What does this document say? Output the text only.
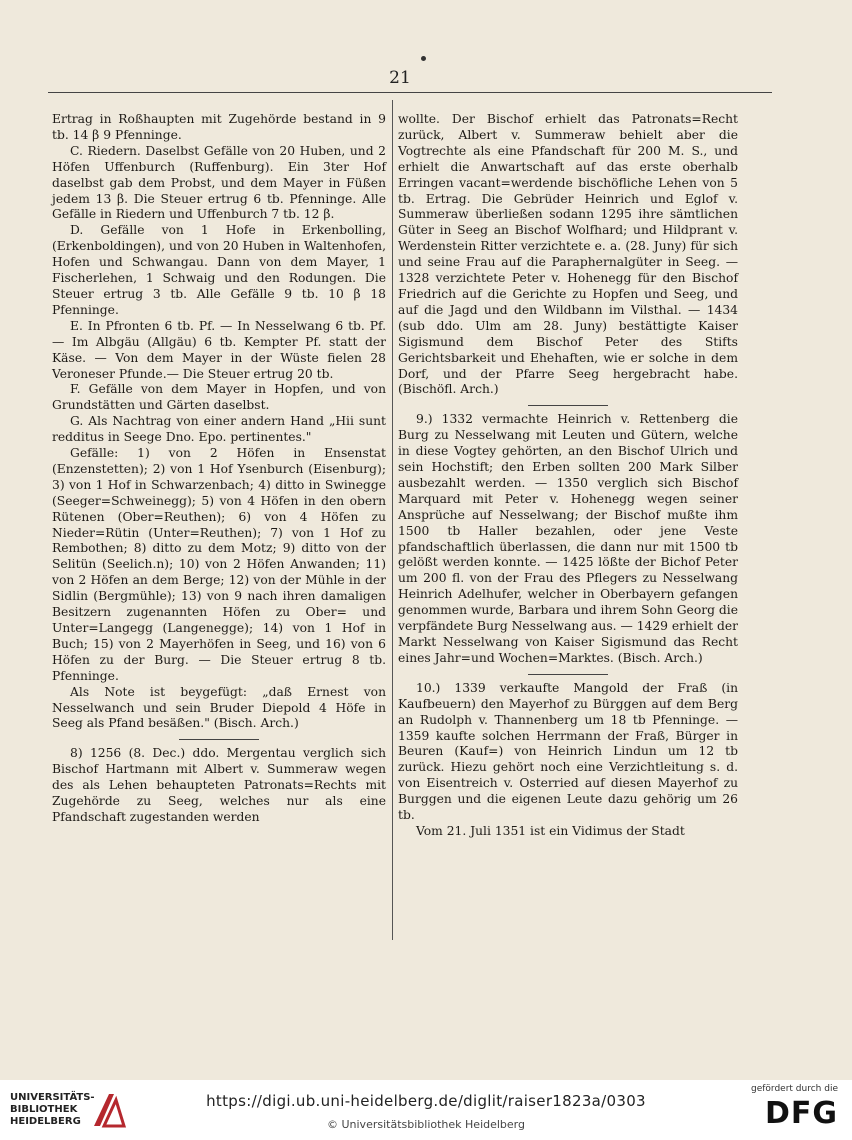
21

Ertrag in Roßhaupten mit Zugehörde bestand in 9 tb. 14 β 9 Pfenninge.

C. Riedern. Daselbst Gefälle von 20 Huben, und 2 Höfen Uffenburch (Ruffenburg). Ein 3ter Hof daselbst gab dem Probst, und dem Mayer in Füßen jedem 13 β. Die Steuer ertrug 6 tb. Pfenninge. Alle Gefälle in Riedern und Uffenburch 7 tb. 12 β.

D. Gefälle von 1 Hofe in Erkenbolling, (Erkenboldingen), und von 20 Huben in Waltenhofen, Hofen und Schwangau. Dann von dem Mayer, 1 Fischerlehen, 1 Schwaig und den Rodungen. Die Steuer ertrug 3 tb. Alle Gefälle 9 tb. 10 β 18 Pfenninge.

E. In Pfronten 6 tb. Pf. — In Nesselwang 6 tb. Pf. — Im Albgäu (Allgäu) 6 tb. Kempter Pf. statt der Käse. — Von dem Mayer in der Wüste fielen 28 Veroneser Pfunde.— Die Steuer ertrug 20 tb.

F. Gefälle von dem Mayer in Hopfen, und von Grundstätten und Gärten daselbst.

G. Als Nachtrag von einer andern Hand „Hii sunt redditus in Seege Dno. Epo. pertinentes."

Gefälle: 1) von 2 Höfen in Ensenstat (Enzenstetten); 2) von 1 Hof Ysenburch (Eisenburg); 3) von 1 Hof in Schwarzenbach; 4) ditto in Swinegge (Seeger=Schweinegg); 5) von 4 Höfen in den obern Rütenen (Ober=Reuthen); 6) von 4 Höfen zu Nieder=Rütin (Unter=Reuthen); 7) von 1 Hof zu Rembothen; 8) ditto zu dem Motz; 9) ditto von der Selitün (Seelich.n); 10) von 2 Höfen Anwanden; 11) von 2 Höfen an dem Berge; 12) von der Mühle in der Sidlin (Bergmühle); 13) von 9 nach ihren damaligen Besitzern zugenannten Höfen zu Ober= und Unter=Langegg (Langenegge); 14) von 1 Hof in Buch; 15) von 2 Mayerhöfen in Seeg, und 16) von 6 Höfen zu der Burg. — Die Steuer ertrug 8 tb. Pfenninge.

Als Note ist beygefügt: „daß Ernest von Nesselwanch und sein Bruder Diepold 4 Höfe in Seeg als Pfand besäßen." (Bisch. Arch.)

8) 1256 (8. Dec.) ddo. Mergentau verglich sich Bischof Hartmann mit Albert v. Summeraw wegen des als Lehen behaupteten Patronats=Rechts mit Zugehörde zu Seeg, welches nur als eine Pfandschaft zugestanden werden

wollte. Der Bischof erhielt das Patronats=Recht zurück, Albert v. Summeraw behielt aber die Vogtrechte als eine Pfandschaft für 200 M. S., und erhielt die Anwartschaft auf das erste oberhalb Erringen vacant=werdende bischöfliche Lehen von 5 tb. Ertrag. Die Gebrüder Heinrich und Eglof v. Summeraw überließen sodann 1295 ihre sämtlichen Güter in Seeg an Bischof Wolfhard; und Hildprant v. Werdenstein Ritter verzichtete e. a. (28. Juny) für sich und seine Frau auf die Paraphernalgüter in Seeg. — 1328 verzichtete Peter v. Hohenegg für den Bischof Friedrich auf die Gerichte zu Hopfen und Seeg, und auf die Jagd und den Wildbann im Vilsthal. — 1434 (sub ddo. Ulm am 28. Juny) bestättigte Kaiser Sigismund dem Bischof Peter des Stifts Gerichtsbarkeit und Ehehaften, wie er solche in dem Dorf, und der Pfarre Seeg hergebracht habe. (Bischöfl. Arch.)

9.) 1332 vermachte Heinrich v. Rettenberg die Burg zu Nesselwang mit Leuten und Gütern, welche in diese Vogtey gehörten, an den Bischof Ulrich und sein Hochstift; den Erben sollten 200 Mark Silber ausbezahlt werden. — 1350 verglich sich Bischof Marquard mit Peter v. Hohenegg wegen seiner Ansprüche auf Nesselwang; der Bischof mußte ihm 1500 tb Haller bezahlen, oder jene Veste pfandschaftlich überlassen, die dann nur mit 1500 tb gelößt werden konnte. — 1425 lößte der Bichof Peter um 200 fl. von der Frau des Pflegers zu Nesselwang Heinrich Adelhufer, welcher in Oberbayern gefangen genommen wurde, Barbara und ihrem Sohn Georg die verpfändete Burg Nesselwang aus. — 1429 erhielt der Markt Nesselwang von Kaiser Sigismund das Recht eines Jahr=und Wochen=Marktes. (Bisch. Arch.)

10.) 1339 verkaufte Mangold der Fraß (in Kaufbeuern) den Mayerhof zu Bürggen auf dem Berg an Rudolph v. Thannenberg um 18 tb Pfenninge. — 1359 kaufte solchen Herrmann der Fraß, Bürger in Beuren (Kauf=) von Heinrich Lindun um 12 tb zurück. Hiezu gehört noch eine Verzichtleitung s. d. von Eisentreich v. Osterried auf diesen Mayerhof zu Burggen und die eigenen Leute dazu gehörig um 26 tb.

Vom 21. Juli 1351 ist ein Vidimus der Stadt

UNIVERSITÄTS-
BIBLIOTHEK
HEIDELBERG
https://digi.ub.uni-heidelberg.de/diglit/raiser1823a/0303
© Universitätsbibliothek Heidelberg
gefördert durch die
DFG
